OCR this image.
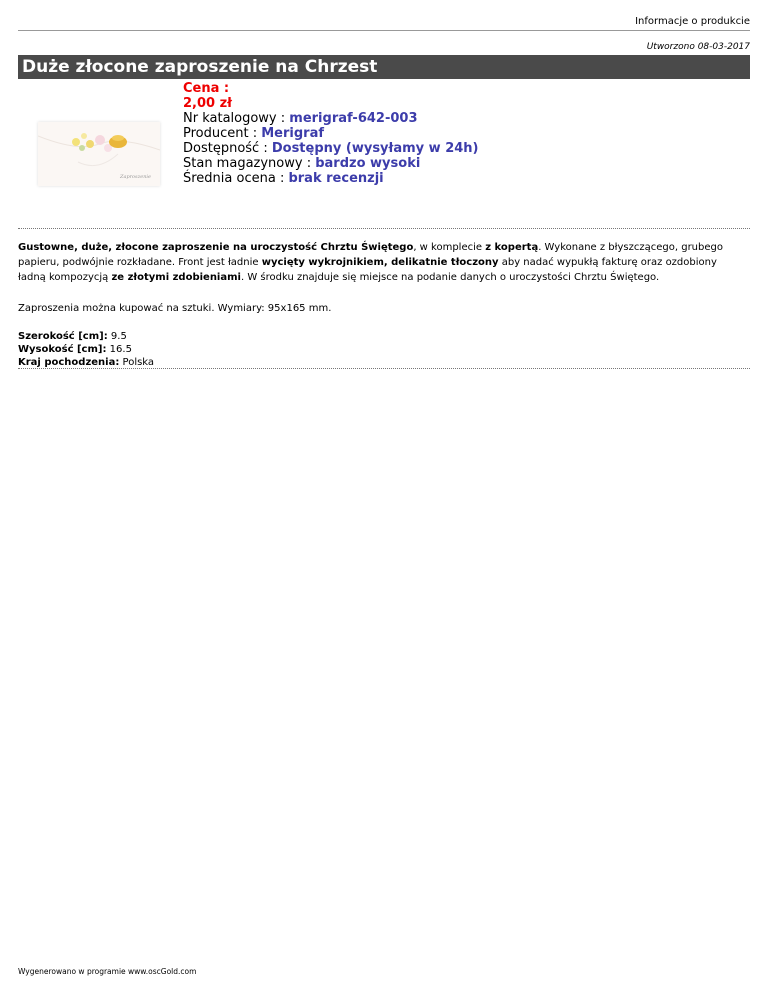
Informacje o produkcie
Utworzono 08-03-2017
Duże złocone zaproszenie na Chrzest
Zaproszenie
Cena :
2,00 zł
Nr katalogowy : merigraf-642-003
Producent : Merigraf
Dostępność : Dostępny (wysyłamy w 24h)
Stan magazynowy : bardzo wysoki
Średnia ocena : brak recenzji

Gustowne, duże, złocone zaproszenie na uroczystość Chrztu Świętego, w komplecie z kopertą. Wykonane z błyszczącego, grubego papieru, podwójnie rozkładane. Front jest ładnie wycięty wykrojnikiem, delikatnie tłoczony aby nadać wypukłą fakturę oraz ozdobiony ładną kompozycją ze złotymi zdobieniami. W środku znajduje się miejsce na podanie danych o uroczystości Chrztu Świętego.

Zaproszenia można kupować na sztuki. Wymiary: 95x165 mm.

Szerokość [cm]: 9.5
Wysokość [cm]: 16.5
Kraj pochodzenia: Polska
Wygenerowano w programie www.oscGold.com
